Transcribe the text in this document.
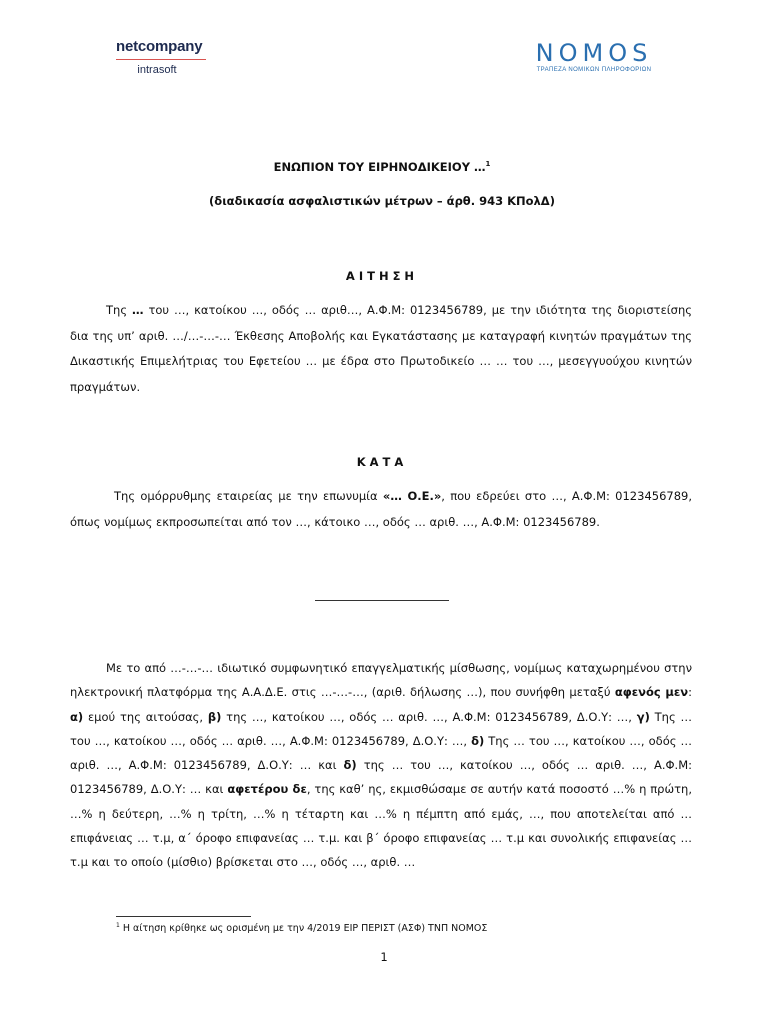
netcompany
intrasoft
NOMOS
ΤΡΑΠΕΖΑ ΝΟΜΙΚΩΝ ΠΛΗΡΟΦΟΡΙΩΝ
ΕΝΩΠΙΟΝ ΤΟΥ ΕΙΡΗΝΟΔΙΚΕΙΟΥ …$^1$
(διαδικασία ασφαλιστικών μέτρων – άρθ. 943 ΚΠολΔ)
ΑΙΤΗΣΗ
Της … του …, κατοίκου …, οδός … αριθ…, Α.Φ.Μ: 0123456789, με την ιδιότητα της διοριστείσης δια της υπ’ αριθ. …/…-…-… Έκθεσης Αποβολής και Εγκατάστασης με καταγραφή κινητών πραγμάτων της Δικαστικής Επιμελήτριας του Εφετείου … με έδρα στο Πρωτοδικείο … … του …, μεσεγγυούχου κινητών πραγμάτων.
ΚΑΤΑ
Της ομόρρυθμης εταιρείας με την επωνυμία «… Ο.Ε.», που εδρεύει στο …, Α.Φ.Μ: 0123456789, όπως νομίμως εκπροσωπείται από τον …, κάτοικο …, οδός … αριθ. …, Α.Φ.Μ: 0123456789.
Με το από …-…-… ιδιωτικό συμφωνητικό επαγγελματικής μίσθωσης, νομίμως καταχωρημένου στην ηλεκτρονική πλατφόρμα της Α.Α.Δ.Ε. στις …-…-…, (αριθ. δήλωσης …), που συνήφθη μεταξύ αφενός μεν: α) εμού της αιτούσας, β) της …, κατοίκου …, οδός … αριθ. …, Α.Φ.Μ: 0123456789, Δ.Ο.Υ: …, γ) Της … του …, κατοίκου …, οδός … αριθ. …, Α.Φ.Μ: 0123456789, Δ.Ο.Υ: …, δ) Της … του …, κατοίκου …, οδός … αριθ. …, Α.Φ.Μ: 0123456789, Δ.Ο.Υ: … και δ) της … του …, κατοίκου …, οδός … αριθ. …, Α.Φ.Μ: 0123456789, Δ.Ο.Υ: … και αφετέρου δε, της καθ’ ης, εκμισθώσαμε σε αυτήν κατά ποσοστό …% η πρώτη, …% η δεύτερη, …% η τρίτη, …% η τέταρτη και …% η πέμπτη από εμάς, …, που αποτελείται από … επιφάνειας … τ.μ, α΄ όροφο επιφανείας … τ.μ. και β΄ όροφο επιφανείας … τ.μ και συνολικής επιφανείας … τ.μ και το οποίο (μίσθιο) βρίσκεται στο …, οδός …, αριθ. …
$^1$ Η αίτηση κρίθηκε ως ορισμένη με την 4/2019 ΕΙΡ ΠΕΡΙΣΤ (ΑΣΦ) ΤΝΠ ΝΟΜΟΣ
1
